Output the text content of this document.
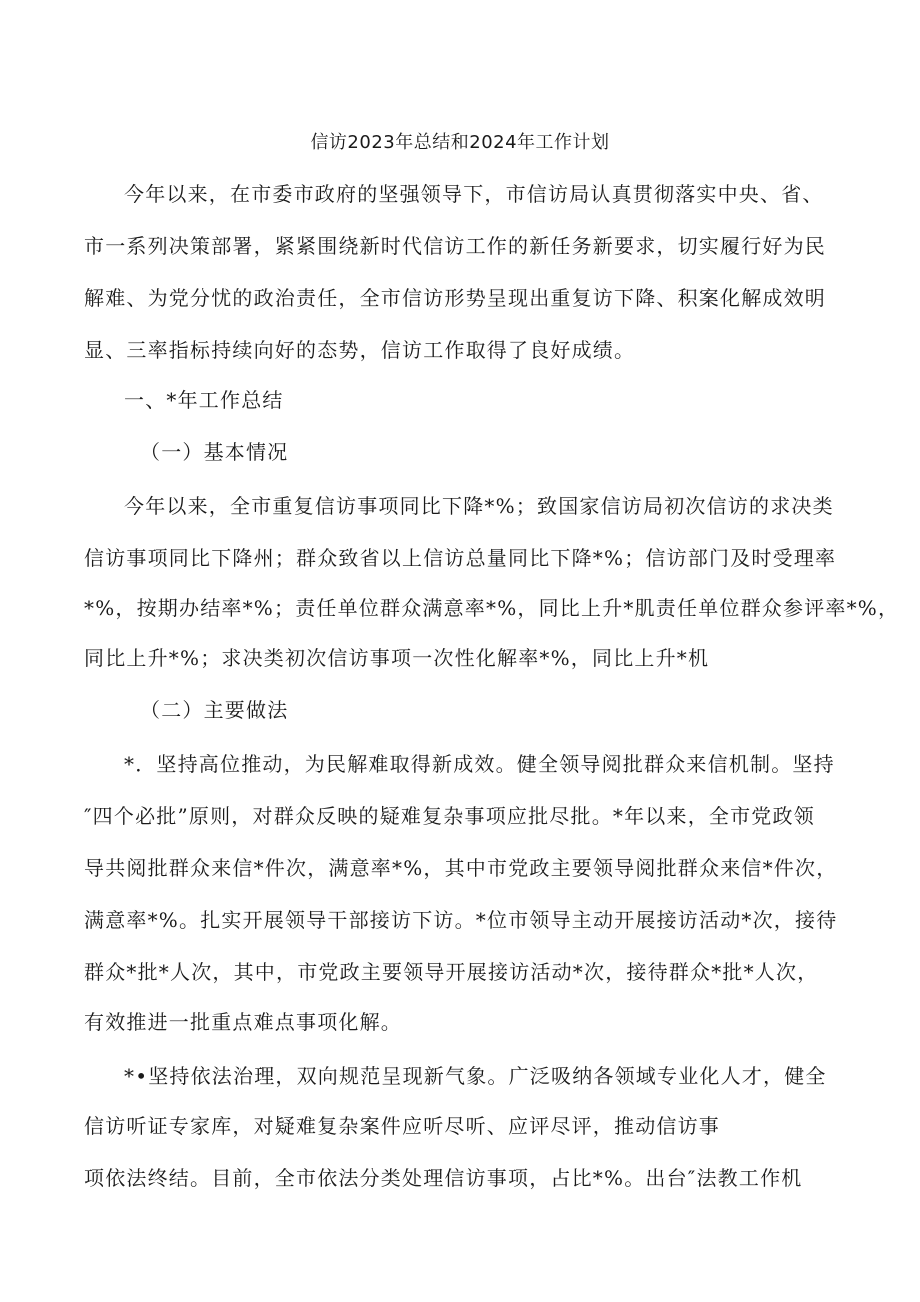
信访2023年总结和2024年工作计划
今年以来，在市委市政府的坚强领导下，市信访局认真贯彻落实中央、省、
市一系列决策部署，紧紧围绕新时代信访工作的新任务新要求，切实履行好为民
解难、为党分忧的政治责任，全市信访形势呈现出重复访下降、积案化解成效明
显、三率指标持续向好的态势，信访工作取得了良好成绩。
一、*年工作总结
（一）基本情况
今年以来，全市重复信访事项同比下降*%；致国家信访局初次信访的求决类
信访事项同比下降州；群众致省以上信访总量同比下降*%；信访部门及时受理率
*%，按期办结率*%；责任单位群众满意率*%，同比上升*肌责任单位群众参评率*%，
同比上升*%；求决类初次信访事项一次性化解率*%，同比上升*机
（二）主要做法
*．坚持高位推动，为民解难取得新成效。健全领导阅批群众来信机制。坚持
″四个必批”原则，对群众反映的疑难复杂事项应批尽批。*年以来，全市党政领
导共阅批群众来信*件次，满意率*%，其中市党政主要领导阅批群众来信*件次，
满意率*%。扎实开展领导干部接访下访。*位市领导主动开展接访活动*次，接待
群众*批*人次，其中，市党政主要领导开展接访活动*次，接待群众*批*人次，
有效推进一批重点难点事项化解。
*•坚持依法治理，双向规范呈现新气象。广泛吸纳各领域专业化人才，健全
信访听证专家库，对疑难复杂案件应听尽听、应评尽评，推动信访事
项依法终结。目前，全市依法分类处理信访事项，占比*%。出台″法教工作机
